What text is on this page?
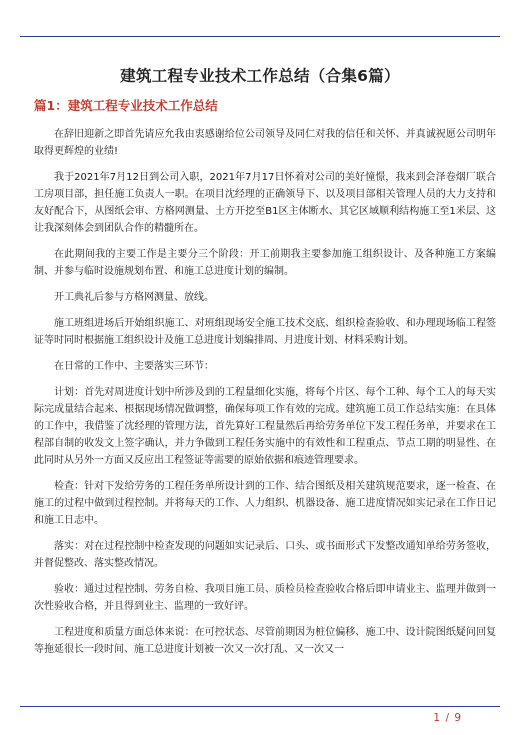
建筑工程专业技术工作总结（合集6篇）
篇1：建筑工程专业技术工作总结

在辞旧迎新之即首先请应允我由衷感谢给位公司领导及同仁对我的信任和关怀、并真诚祝愿公司明年取得更辉煌的业绩!

我于2021年7月12日到公司入职，2021年7月17日怀着对公司的美好憧憬，我来到会泽卷烟厂联合工房项目部，担任施工负责人一职。在项目沈经理的正确领导下、以及项目部相关管理人员的大力支持和友好配合下，从图纸会审、方格网测量、土方开挖至B1区主体断水、其它区域顺利结构施工至1米层、这让我深刻体会到团队合作的精髓所在。

在此期间我的主要工作是主要分三个阶段：开工前期我主要参加施工组织设计、及各种施工方案编制、并参与临时设施规划布置、和施工总进度计划的编制。

开工典礼后参与方格网测量、放线。

施工班组进场后开始组织施工、对班组现场安全施工技术交底、组织检查验收、和办理现场临工程签证等时同时根据施工组织设计及施工总进度计划编排周、月进度计划、材料采购计划。

在日常的工作中、主要落实三环节：

计划：首先对周进度计划中所涉及到的工程量细化实施，将每个片区、每个工种、每个工人的每天实际完成量结合起来、根据现场情况做调整，确保每项工作有效的完成。建筑施工员工作总结实施：在具体的工作中，我借鉴了沈经理的管理方法，首先算好工程量然后再给劳务单位下发工程任务单，并要求在工程部自制的收发文上签字确认，并力争做到工程任务实施中的有效性和工程重点、节点工期的明显性、在此同时从另外一方面又反应出工程签证等需要的原始依据和痕迹管理要求。

检查：针对下发给劳务的工程任务单所设计到的工作、结合图纸及相关建筑规范要求，逐一检查、在施工的过程中做到过程控制。并将每天的工作、人力组织、机器设备、施工进度情况如实记录在工作日记和施工日志中。

落实：对在过程控制中检查发现的问题如实记录后、口头、或书面形式下发整改通知单给劳务签收，并督促整改、落实整改情况。

验收：通过过程控制、劳务自检、我项目施工员、质检员检查验收合格后即申请业主、监理并做到一次性验收合格，并且得到业主、监理的一致好评。

工程进度和质量方面总体来说：在可控状态、尽管前期因为桩位偏移、施工中、设计院图纸疑问回复等拖延很长一段时间、施工总进度计划被一次又一次打乱、又一次又一

1 / 9
